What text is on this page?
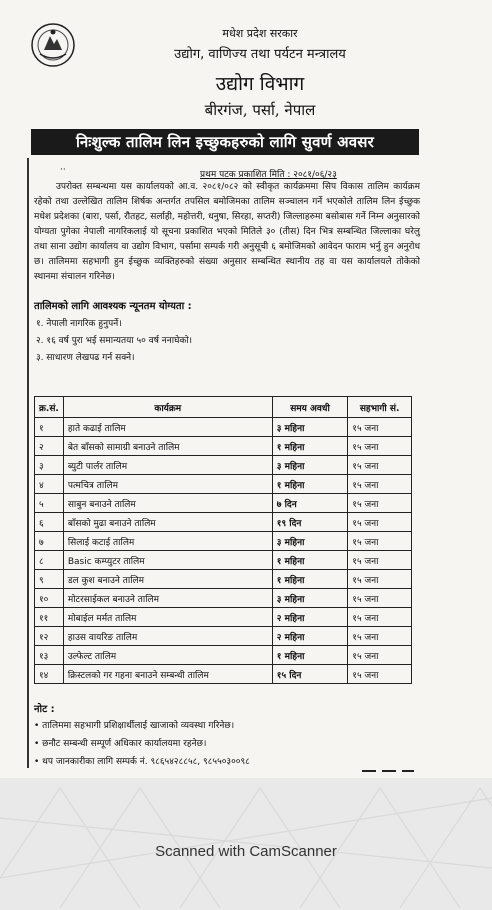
मधेश प्रदेश सरकार
उद्योग, वाणिज्य तथा पर्यटन मन्त्रालय
उद्योग विभाग
बीरगंज, पर्सा, नेपाल
निःशुल्क तालिम लिन इच्छुकहरुको लागि सुवर्ण अवसर
··	प्रथम पटक प्रकाशित मिति : २०८१/०६/२३
उपरोक्त सम्बन्धमा यस कार्यालयको आ.व. २०८१/०८२ को स्वीकृत कार्यक्रममा सिप विकास तालिम कार्यक्रम रहेको तथा उल्लेखित तालिम शिर्षक अन्तर्गत तपसिल बमोजिमका तालिम सञ्चालन गर्ने भएकोले तालिम लिन ईच्छुक मधेश प्रदेशका (बारा, पर्सा, रौतहट, सर्लाही, महोत्तरी, धनुषा, सिरहा, सप्तरी) जिल्लाहरुमा बसोबास गर्ने निम्न अनुसारको योग्यता पुगेका नेपाली नागरिकलाई यो सूचना प्रकाशित भएको मितिले ३० (तीस) दिन भित्र सम्बन्धित जिल्लाका घरेलु तथा साना उद्योग कार्यालय वा उद्योग विभाग, पर्सामा सम्पर्क गरी अनुसूची ६ बमोजिमको आवेदन फाराम भर्नु हुन अनुरोध छ। तालिममा सहभागी हुन ईच्छुक व्यक्तिहरुको संख्या अनुसार सम्बन्धित स्थानीय तह वा यस कार्यालयले तोकेको स्थानमा संचालन गरिनेछ।
तालिमको लागि आवश्यक न्यूनतम योग्यता :
१. नेपाली नागरिक हुनुपर्ने।
२. १६ वर्ष पुरा भई समान्यतया ५० वर्ष ननाघेको।
३. साधारण लेखपढ गर्न सक्ने।
क्र.सं.	कार्यक्रम	समय अवधी	सहभागी सं.
१	हाते कढाई तालिम	३ महिना	१५ जना
२	बेत बाँसको सामाग्री बनाउने तालिम	१ महिना	१५ जना
३	ब्युटी पार्लर तालिम	३ महिना	१५ जना
४	पत्मचित्र तालिम	१ महिना	१५ जना
५	साबुन बनाउने तालिम	७ दिन	१५ जना
६	बाँसको मुढा बनाउने तालिम	१९ दिन	१५ जना
७	सिलाई कटाई तालिम	३ महिना	१५ जना
८	Basic कम्प्युटर तालिम	१ महिना	१५ जना
९	डल कुश बनाउने तालिम	१ महिना	१५ जना
१०	मोटरसाईकल बनाउने तालिम	३ महिना	१५ जना
११	मोबाईल मर्मत तालिम	२ महिना	१५ जना
१२	हाउस वायरिङ तालिम	२ महिना	१५ जना
१३	उल्फेल्ट तालिम	१ महिना	१५ जना
१४	क्रिस्टलको गर गहना बनाउने सम्बन्धी तालिम	१५ दिन	१५ जना
नोट :
• तालिममा सहभागी प्रशिक्षार्थीलाई खाजाको व्यवस्था गरिनेछ।
• छनौट सम्बन्धी सम्पूर्ण अधिकार कार्यालयमा रहनेछ।
• थप जानकारीका लागि सम्पर्क नं. ९८६५४२८८५८, ९८५५०३००९८
Scanned with CamScanner
